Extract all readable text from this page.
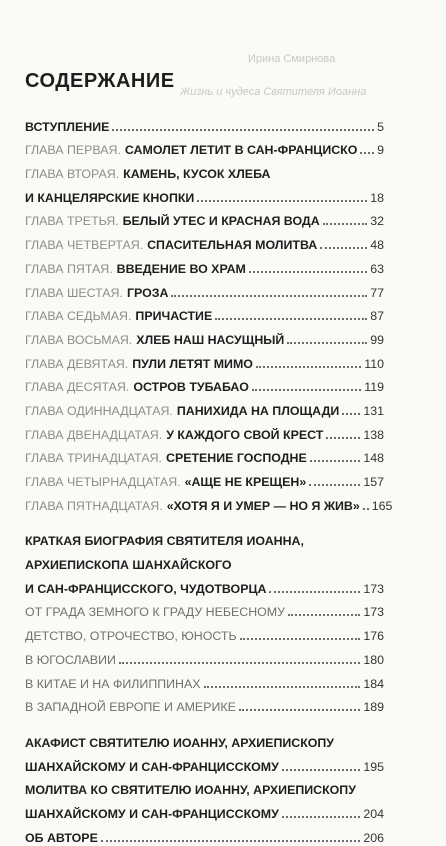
Ирина Смирнова
Жизнь и чудеса Святителя Иоанна
СОДЕРЖАНИЕ
ВСТУПЛЕНИЕ	5
ГЛАВА ПЕРВАЯ. САМОЛЕТ ЛЕТИТ В САН-ФРАНЦИСКО 9
ГЛАВА ВТОРАЯ. КАМЕНЬ, КУСОК ХЛЕБА
И КАНЦЕЛЯРСКИЕ КНОПКИ	18
ГЛАВА ТРЕТЬЯ. БЕЛЫЙ УТЕС И КРАСНАЯ ВОДА	32
ГЛАВА ЧЕТВЕРТАЯ. СПАСИТЕЛЬНАЯ МОЛИТВА	48
ГЛАВА ПЯТАЯ. ВВЕДЕНИЕ ВО ХРАМ	63
ГЛАВА ШЕСТАЯ. ГРОЗА	77
ГЛАВА СЕДЬМАЯ. ПРИЧАСТИЕ	87
ГЛАВА ВОСЬМАЯ. ХЛЕБ НАШ НАСУЩНЫЙ	99
ГЛАВА ДЕВЯТАЯ. ПУЛИ ЛЕТЯТ МИМО	110
ГЛАВА ДЕСЯТАЯ. ОСТРОВ ТУБАБАО	119
ГЛАВА ОДИННАДЦАТАЯ. ПАНИХИДА НА ПЛОЩАДИ 131
ГЛАВА ДВЕНАДЦАТАЯ. У КАЖДОГО СВОЙ КРЕСТ	138
ГЛАВА ТРИНАДЦАТАЯ. СРЕТЕНИЕ ГОСПОДНЕ	148
ГЛАВА ЧЕТЫРНАДЦАТАЯ. «АЩЕ НЕ КРЕЩЕН»	157
ГЛАВА ПЯТНАДЦАТАЯ. «ХОТЯ Я И УМЕР — НО Я ЖИВ» 165
КРАТКАЯ БИОГРАФИЯ СВЯТИТЕЛЯ ИОАННА,
АРХИЕПИСКОПА ШАНХАЙСКОГО
И САН-ФРАНЦИССКОГО, ЧУДОТВОРЦА	173
ОТ ГРАДА ЗЕМНОГО К ГРАДУ НЕБЕСНОМУ	173
ДЕТСТВО, ОТРОЧЕСТВО, ЮНОСТЬ	176
В ЮГОСЛАВИИ	180
В КИТАЕ И НА ФИЛИППИНАХ	184
В ЗАПАДНОЙ ЕВРОПЕ И АМЕРИКЕ	189
АКАФИСТ СВЯТИТЕЛЮ ИОАННУ, АРХИЕПИСКОПУ
ШАНХАЙСКОМУ И САН-ФРАНЦИССКОМУ	195
МОЛИТВА КО СВЯТИТЕЛЮ ИОАННУ, АРХИЕПИСКОПУ
ШАНХАЙСКОМУ И САН-ФРАНЦИССКОМУ	204
ОБ АВТОРЕ	206
